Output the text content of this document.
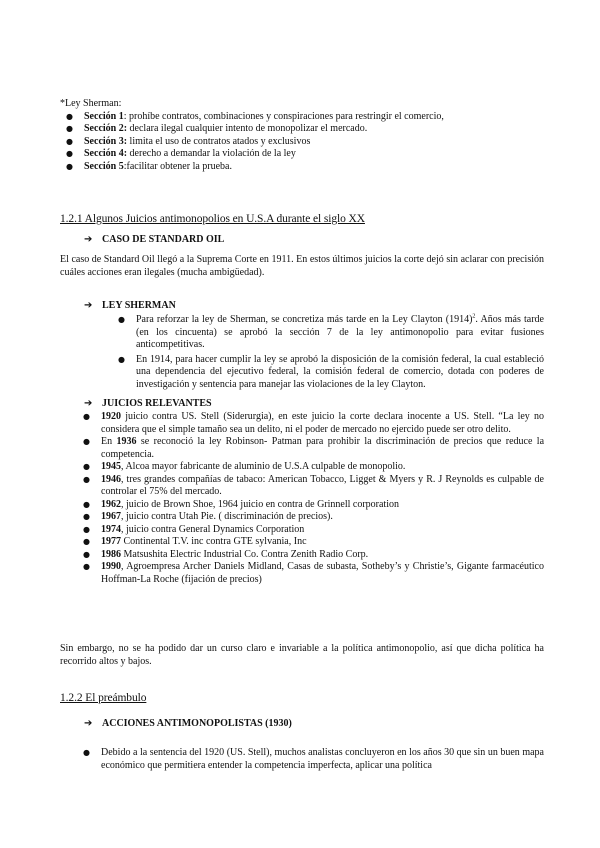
*Ley Sherman:

● Sección 1: prohíbe contratos, combinaciones y conspiraciones para restringir el comercio,
● Sección 2: declara ilegal cualquier intento de monopolizar el mercado.
● Sección 3: limita el uso de contratos atados y exclusivos
● Sección 4: derecho a demandar la violación de la ley
● Sección 5:facilitar obtener la prueba.

1.2.1 Algunos Juicios antimonopolios en U.S.A durante el siglo XX

➔ CASO DE STANDARD OIL

El caso de Standard Oil llegó a la Suprema Corte en 1911. En estos últimos juicios la corte dejó sin aclarar con precisión cuáles acciones eran ilegales (mucha ambigüedad).

➔ LEY SHERMAN
● Para reforzar la ley de Sherman, se concretiza más tarde en la Ley Clayton $(1914)^2$. Años más tarde (en los cincuenta) se aprobó la sección 7 de la ley antimonopolio para evitar fusiones anticompetitivas.
● En 1914, para hacer cumplir la ley se aprobó la disposición de la comisión federal, la cual estableció una dependencia del ejecutivo federal, la comisión federal de comercio, dotada con poderes de investigación y sentencia para manejar las violaciones de la ley Clayton.
➔ JUICIOS RELEVANTES
● 1920 juicio contra US. Stell (Siderurgia), en este juicio la corte declara inocente a US. Stell. “La ley no considera que el simple tamaño sea un delito, ni el poder de mercado no ejercido puede ser otro delito.
● En 1936 se reconoció la ley Robinson- Patman para prohibir la discriminación de precios que reduce la competencia.
● 1945, Alcoa mayor fabricante de aluminio de U.S.A culpable de monopolio.
● 1946, tres grandes compañías de tabaco: American Tobacco, Ligget & Myers y R. J Reynolds es culpable de controlar el 75% del mercado.
● 1962, juicio de Brown Shoe, 1964 juicio en contra de Grinnell corporation
● 1967, juicio contra Utah Pie. ( discriminación de precios).
● 1974, juicio contra General Dynamics Corporation
● 1977 Continental T.V. inc contra GTE sylvania, Inc
● 1986 Matsushita Electric Industrial Co. Contra Zenith Radio Corp.
● 1990, Agroempresa Archer Daniels Midland, Casas de subasta, Sotheby’s y Christie’s, Gigante farmacéutico Hoffman-La Roche (fijación de precios)

Sin embargo, no se ha podido dar un curso claro e invariable a la política antimonopolio, así que dicha política ha recorrido altos y bajos.

1.2.2 El preámbulo

➔ ACCIONES ANTIMONOPOLISTAS (1930)
● Debido a la sentencia del 1920 (US. Stell), muchos analistas concluyeron en los años 30 que sin un buen mapa económico que permitiera entender la competencia imperfecta, aplicar una política
